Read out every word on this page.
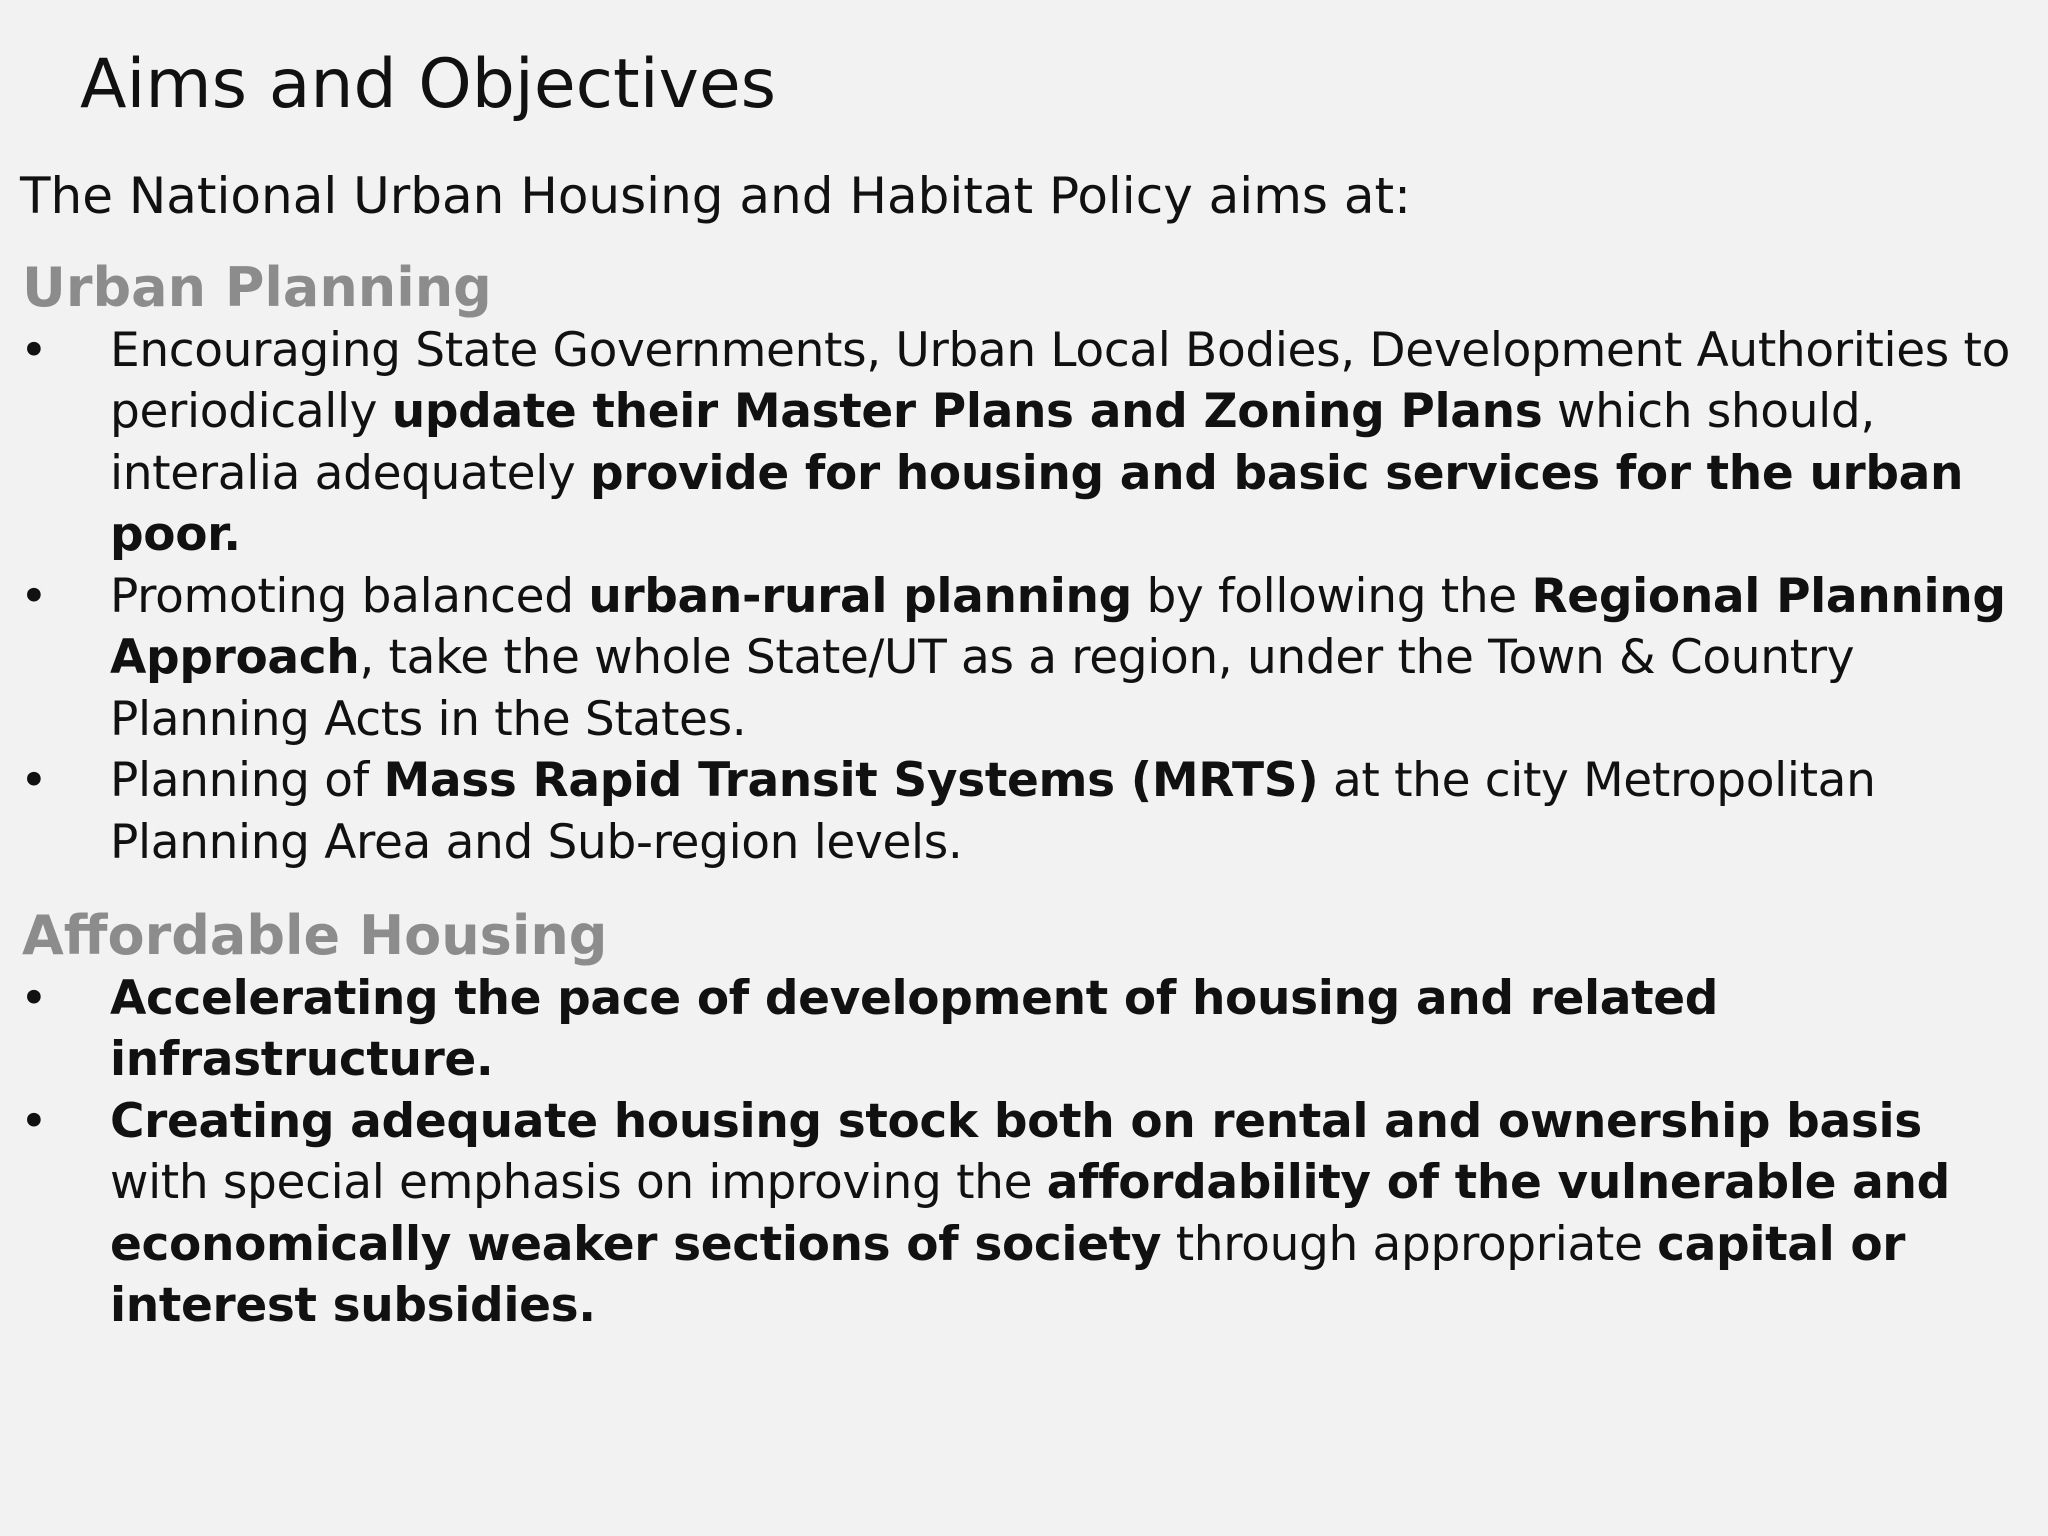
Aims and Objectives

The National Urban Housing and Habitat Policy aims at:

Urban Planning
• Encouraging State Governments, Urban Local Bodies, Development Authorities to periodically update their Master Plans and Zoning Plans which should, interalia adequately provide for housing and basic services for the urban poor.
• Promoting balanced urban-rural planning by following the Regional Planning Approach, take the whole State/UT as a region, under the Town & Country Planning Acts in the States.
• Planning of Mass Rapid Transit Systems (MRTS) at the city Metropolitan Planning Area and Sub-region levels.
Affordable Housing
• Accelerating the pace of development of housing and related infrastructure.
• Creating adequate housing stock both on rental and ownership basis with special emphasis on improving the affordability of the vulnerable and economically weaker sections of society through appropriate capital or interest subsidies.
